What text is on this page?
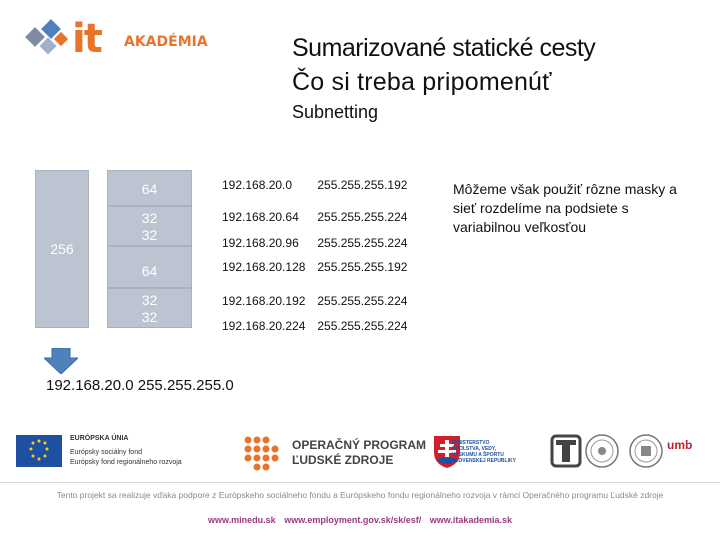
it AKADÉMIA	Sumarizované statické cesty
Čo si treba pripomenúť
Subnetting
256
64
32
32
64
32
32
192.168.20.0 255.255.255.192
192.168.20.64 255.255.255.224
192.168.20.96 255.255.255.224
192.168.20.128 255.255.255.192
192.168.20.192 255.255.255.224
192.168.20.224 255.255.255.224
Môžeme však použiť rôzne masky a sieť rozdelíme na podsiete s variabilnou veľkosťou
192.168.20.0 255.255.255.0
EURÓPSKA ÚNIA
Európsky sociálny fond
Európsky fond regionálneho rozvoja
OPERAČNÝ PROGRAM
ĽUDSKÉ ZDROJE
MINISTERSTVO
ŠKOLSTVA, VEDY,
VÝSKUMU A ŠPORTU
SLOVENSKEJ REPUBLIKY
umb
Tento projekt sa realizuje vďaka podpore z Európskeho sociálneho fondu a Európskeho fondu regionálneho rozvoja v rámci Operačného programu Ľudské zdroje
www.minedu.sk www.employment.gov.sk/sk/esf/ www.itakademia.sk
